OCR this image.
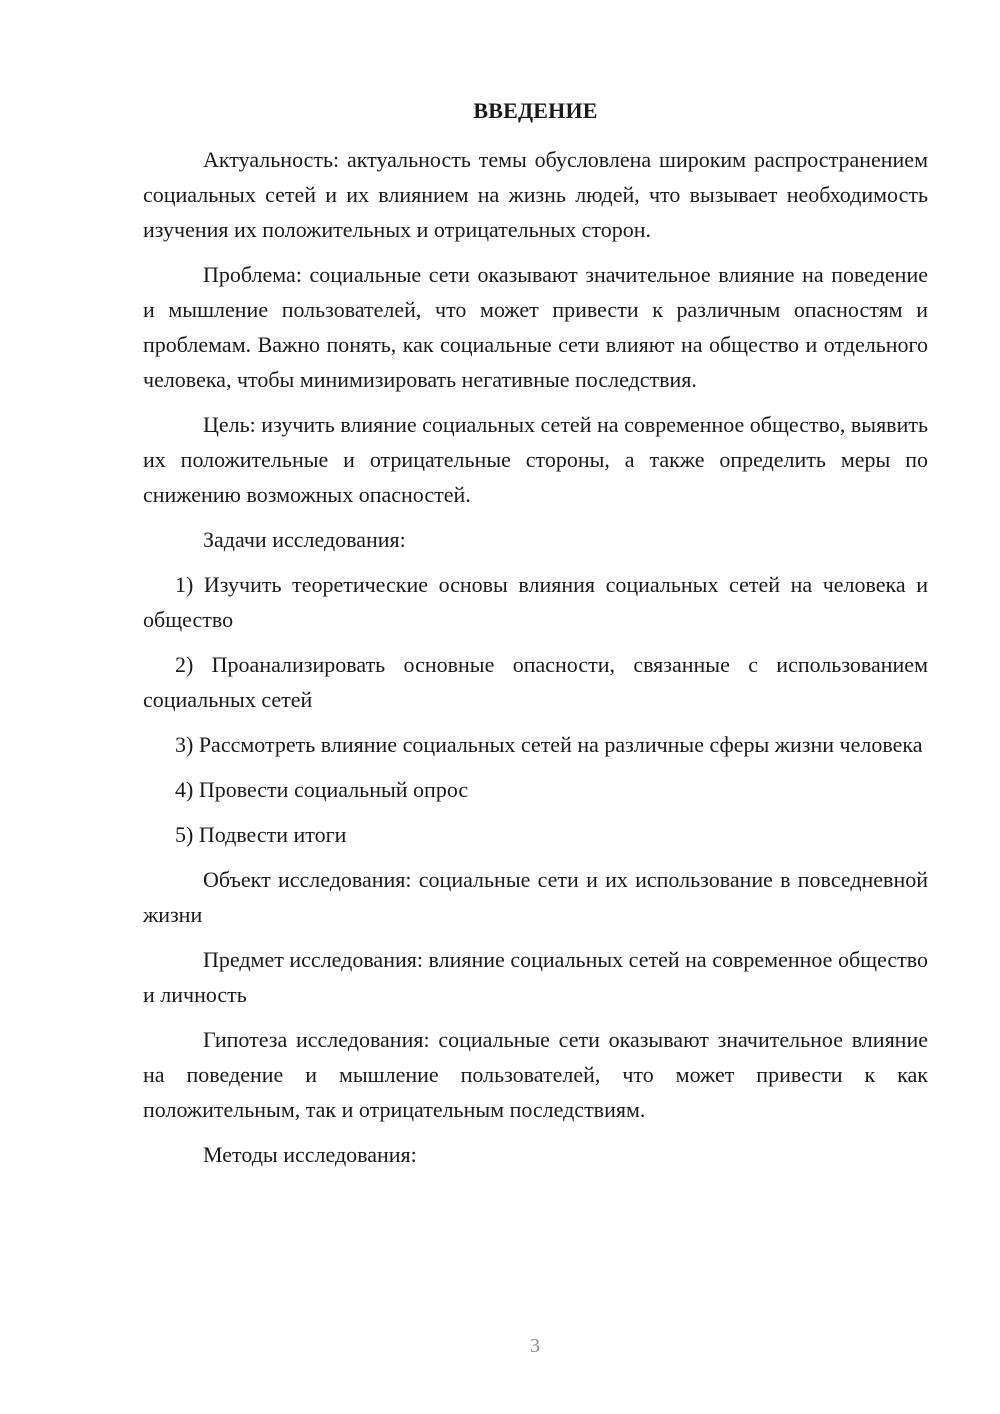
ВВЕДЕНИЕ

Актуальность: актуальность темы обусловлена широким распространением социальных сетей и их влиянием на жизнь людей, что вызывает необходимость изучения их положительных и отрицательных сторон.

Проблема: социальные сети оказывают значительное влияние на поведение и мышление пользователей, что может привести к различным опасностям и проблемам. Важно понять, как социальные сети влияют на общество и отдельного человека, чтобы минимизировать негативные последствия.

Цель: изучить влияние социальных сетей на современное общество, выявить их положительные и отрицательные стороны, а также определить меры по снижению возможных опасностей.

Задачи исследования:

1) Изучить теоретические основы влияния социальных сетей на человека и общество

2) Проанализировать основные опасности, связанные с использованием социальных сетей

3) Рассмотреть влияние социальных сетей на различные сферы жизни человека

4) Провести социальный опрос

5) Подвести итоги

Объект исследования: социальные сети и их использование в повседневной жизни

Предмет исследования: влияние социальных сетей на современное общество и личность

Гипотеза исследования: социальные сети оказывают значительное влияние на поведение и мышление пользователей, что может привести к как положительным, так и отрицательным последствиям.

Методы исследования:

3
